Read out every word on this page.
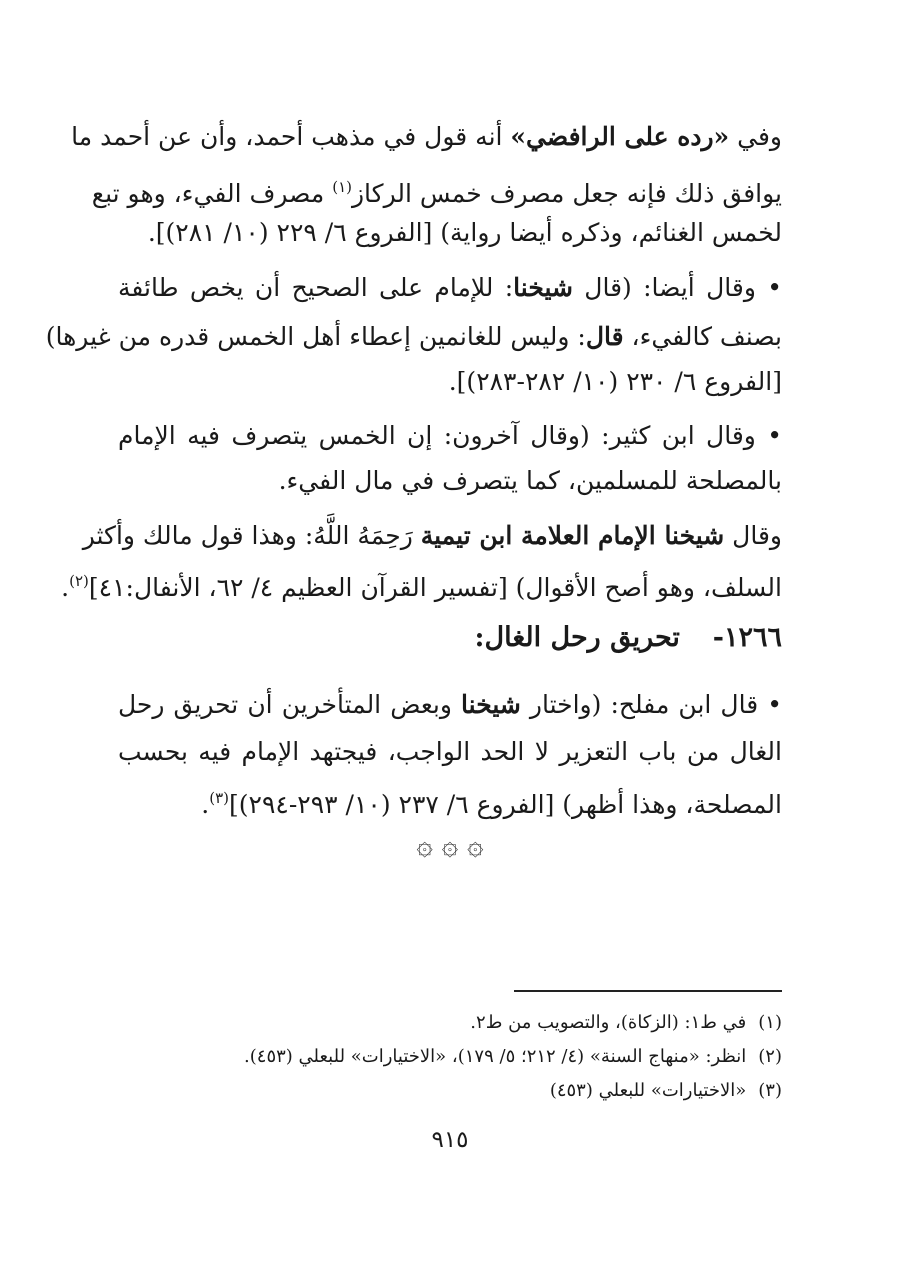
وفي «رده على الرافضي» أنه قول في مذهب أحمد، وأن عن أحمد ما
يوافق ذلك فإنه جعل مصرف خمس الركاز$^{(١)}$ مصرف الفيء، وهو تبع
لخمس الغنائم، وذكره أيضا رواية) [الفروع ٦/ ٢٢٩ (١٠/ ٢٨١)].
• وقال أيضا: (قال شيخنا: للإمام على الصحيح أن يخص طائفة
بصنف كالفيء، قال: وليس للغانمين إعطاء أهل الخمس قدره من غيرها)
[الفروع ٦/ ٢٣٠ (١٠/ ٢٨٢-٢٨٣)].
• وقال ابن كثير: (وقال آخرون: إن الخمس يتصرف فيه الإمام
بالمصلحة للمسلمين، كما يتصرف في مال الفيء.
وقال شيخنا الإمام العلامة ابن تيمية رَحِمَهُ اللَّهُ: وهذا قول مالك وأكثر
السلف، وهو أصح الأقوال) [تفسير القرآن العظيم ٤/ ٦٢، الأنفال:٤١]$^{(٢)}$.
• قال ابن مفلح: (واختار شيخنا وبعض المتأخرين أن تحريق رحل
الغال من باب التعزير لا الحد الواجب، فيجتهد الإمام فيه بحسب
المصلحة، وهذا أظهر) [الفروع ٦/ ٢٣٧ (١٠/ ٢٩٣-٢٩٤)]$^{(٣)}$.
١٢٦٦-  تحريق رحل الغال:
۞ ۞ ۞
(١)في ط١: (الزكاة)، والتصويب من ط٢.
(٢)انظر: «منهاج السنة» (٤/ ٢١٢؛ ٥/ ١٧٩)، «الاختيارات» للبعلي (٤٥٣).
(٣)«الاختيارات» للبعلي (٤٥٣)
٩١٥
